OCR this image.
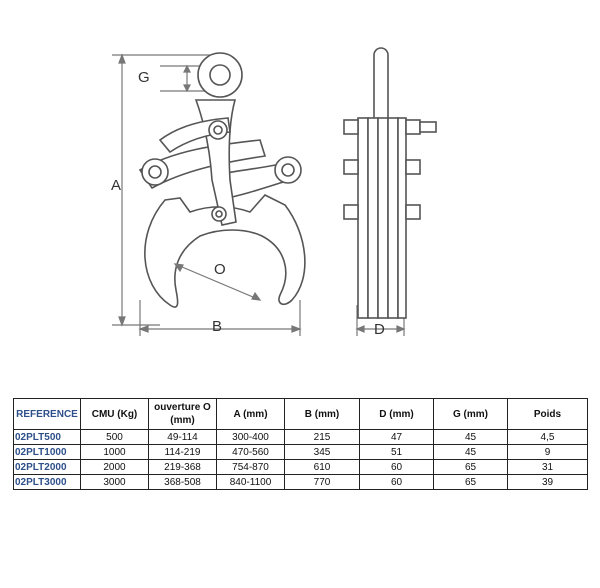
G
A
O
B	D
REFERENCE	CMU (Kg)	ouverture O (mm)	A (mm)	B (mm)	D (mm)	G (mm)	Poids
02PLT500	500	49-114	300-400	215	47	45	4,5
02PLT1000	1000	114-219	470-560	345	51	45	9
02PLT2000	2000	219-368	754-870	610	60	65	31
02PLT3000	3000	368-508	840-1100	770	60	65	39
